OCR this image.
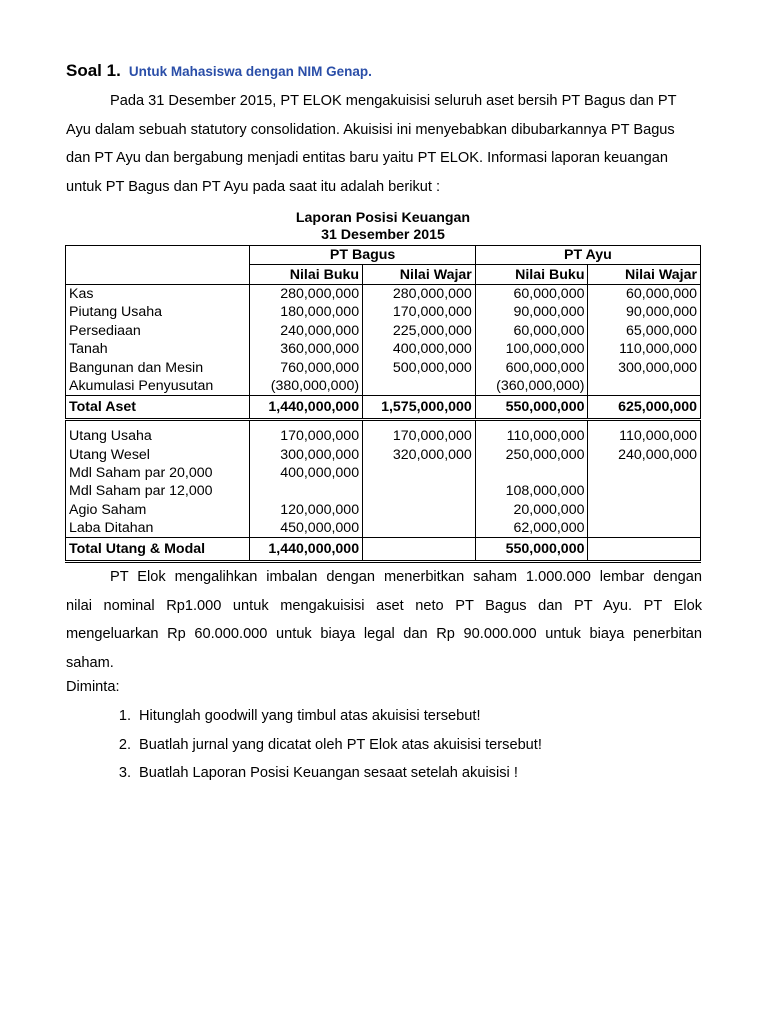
Soal 1. Untuk Mahasiswa dengan NIM Genap.
Pada 31 Desember 2015, PT ELOK mengakuisisi seluruh aset bersih PT Bagus dan PT
Ayu dalam sebuah statutory consolidation. Akuisisi ini menyebabkan dibubarkannya PT Bagus
dan PT Ayu dan bergabung menjadi entitas baru yaitu PT ELOK. Informasi laporan keuangan
untuk PT Bagus dan PT Ayu pada saat itu adalah berikut :
Laporan Posisi Keuangan
31 Desember 2015
	PT Bagus		PT Ayu	
	Nilai Buku	Nilai Wajar	Nilai Buku	Nilai Wajar
Kas	280,000,000	280,000,000	60,000,000	60,000,000
Piutang Usaha	180,000,000	170,000,000	90,000,000	90,000,000
Persediaan	240,000,000	225,000,000	60,000,000	65,000,000
Tanah	360,000,000	400,000,000	100,000,000	110,000,000
Bangunan dan Mesin	760,000,000	500,000,000	600,000,000	300,000,000
Akumulasi Penyusutan	(380,000,000)		(360,000,000)	
Total Aset	1,440,000,000	1,575,000,000	550,000,000	625,000,000

Utang Usaha	170,000,000	170,000,000	110,000,000	110,000,000
Utang Wesel	300,000,000	320,000,000	250,000,000	240,000,000
Mdl Saham par 20,000	400,000,000			
Mdl Saham par 12,000			108,000,000	
Agio Saham	120,000,000		20,000,000	
Laba Ditahan	450,000,000		62,000,000	
Total Utang & Modal	1,440,000,000		550,000,000	
PT Elok mengalihkan imbalan dengan menerbitkan saham 1.000.000 lembar dengan
nilai nominal Rp1.000 untuk mengakuisisi aset neto PT Bagus dan PT Ayu. PT Elok
mengeluarkan Rp 60.000.000 untuk biaya legal dan Rp 90.000.000 untuk biaya penerbitan
saham.
Diminta:
1. Hitunglah goodwill yang timbul atas akuisisi tersebut!
2. Buatlah jurnal yang dicatat oleh PT Elok atas akuisisi tersebut!
3. Buatlah Laporan Posisi Keuangan sesaat setelah akuisisi !
